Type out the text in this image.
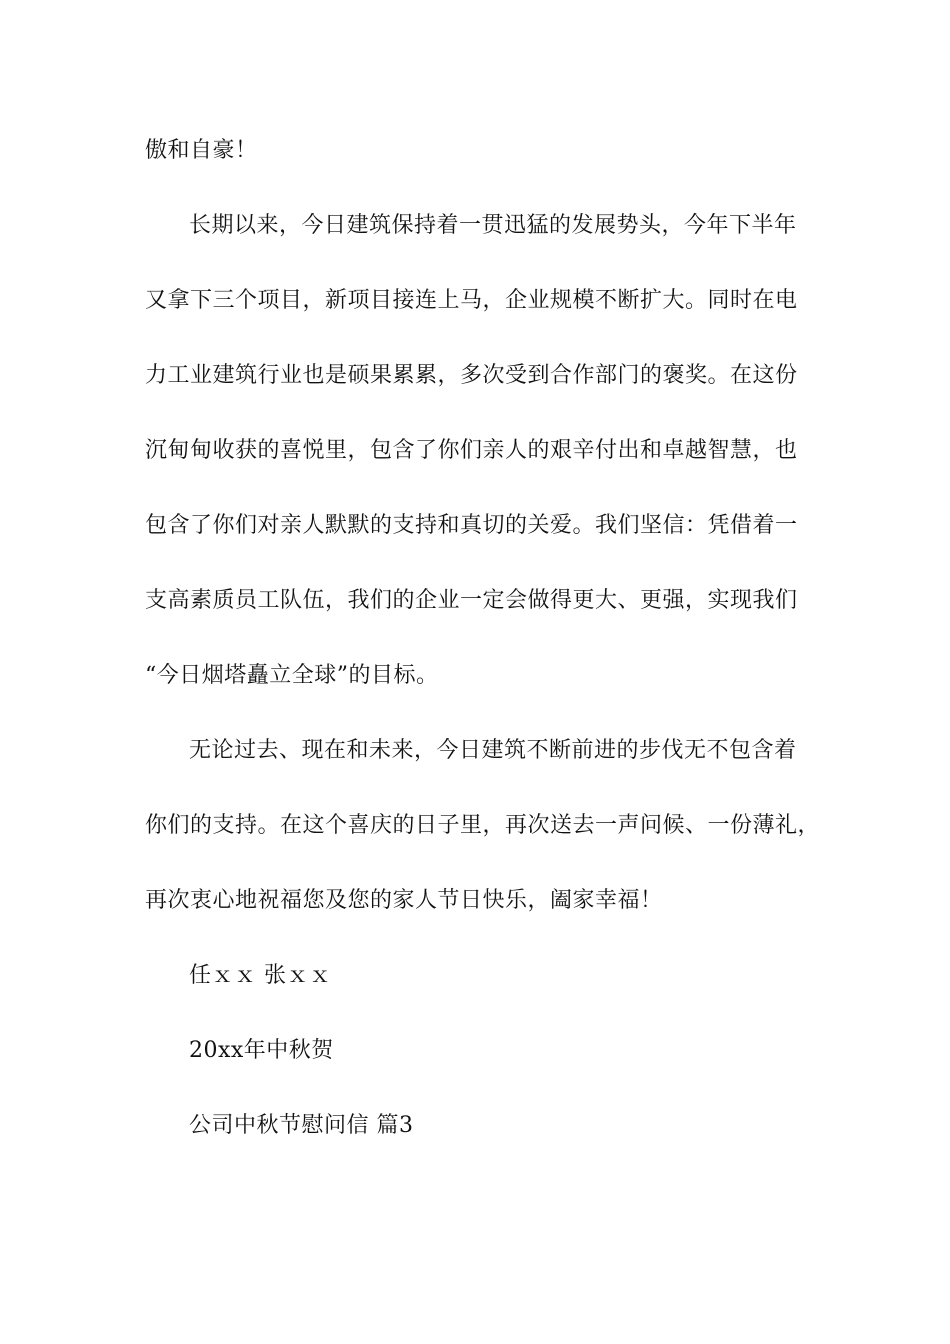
傲和自豪！
长期以来，今日建筑保持着一贯迅猛的发展势头，今年下半年
又拿下三个项目，新项目接连上马，企业规模不断扩大。同时在电
力工业建筑行业也是硕果累累，多次受到合作部门的褒奖。在这份
沉甸甸收获的喜悦里，包含了你们亲人的艰辛付出和卓越智慧，也
包含了你们对亲人默默的支持和真切的关爱。我们坚信：凭借着一
支高素质员工队伍，我们的企业一定会做得更大、更强，实现我们
“今日烟塔矗立全球”的目标。
无论过去、现在和未来，今日建筑不断前进的步伐无不包含着
你们的支持。在这个喜庆的日子里，再次送去一声问候、一份薄礼，
再次衷心地祝福您及您的家人节日快乐，阖家幸福！
任ｘｘ 张ｘｘ
20xx年中秋贺
公司中秋节慰问信 篇3
